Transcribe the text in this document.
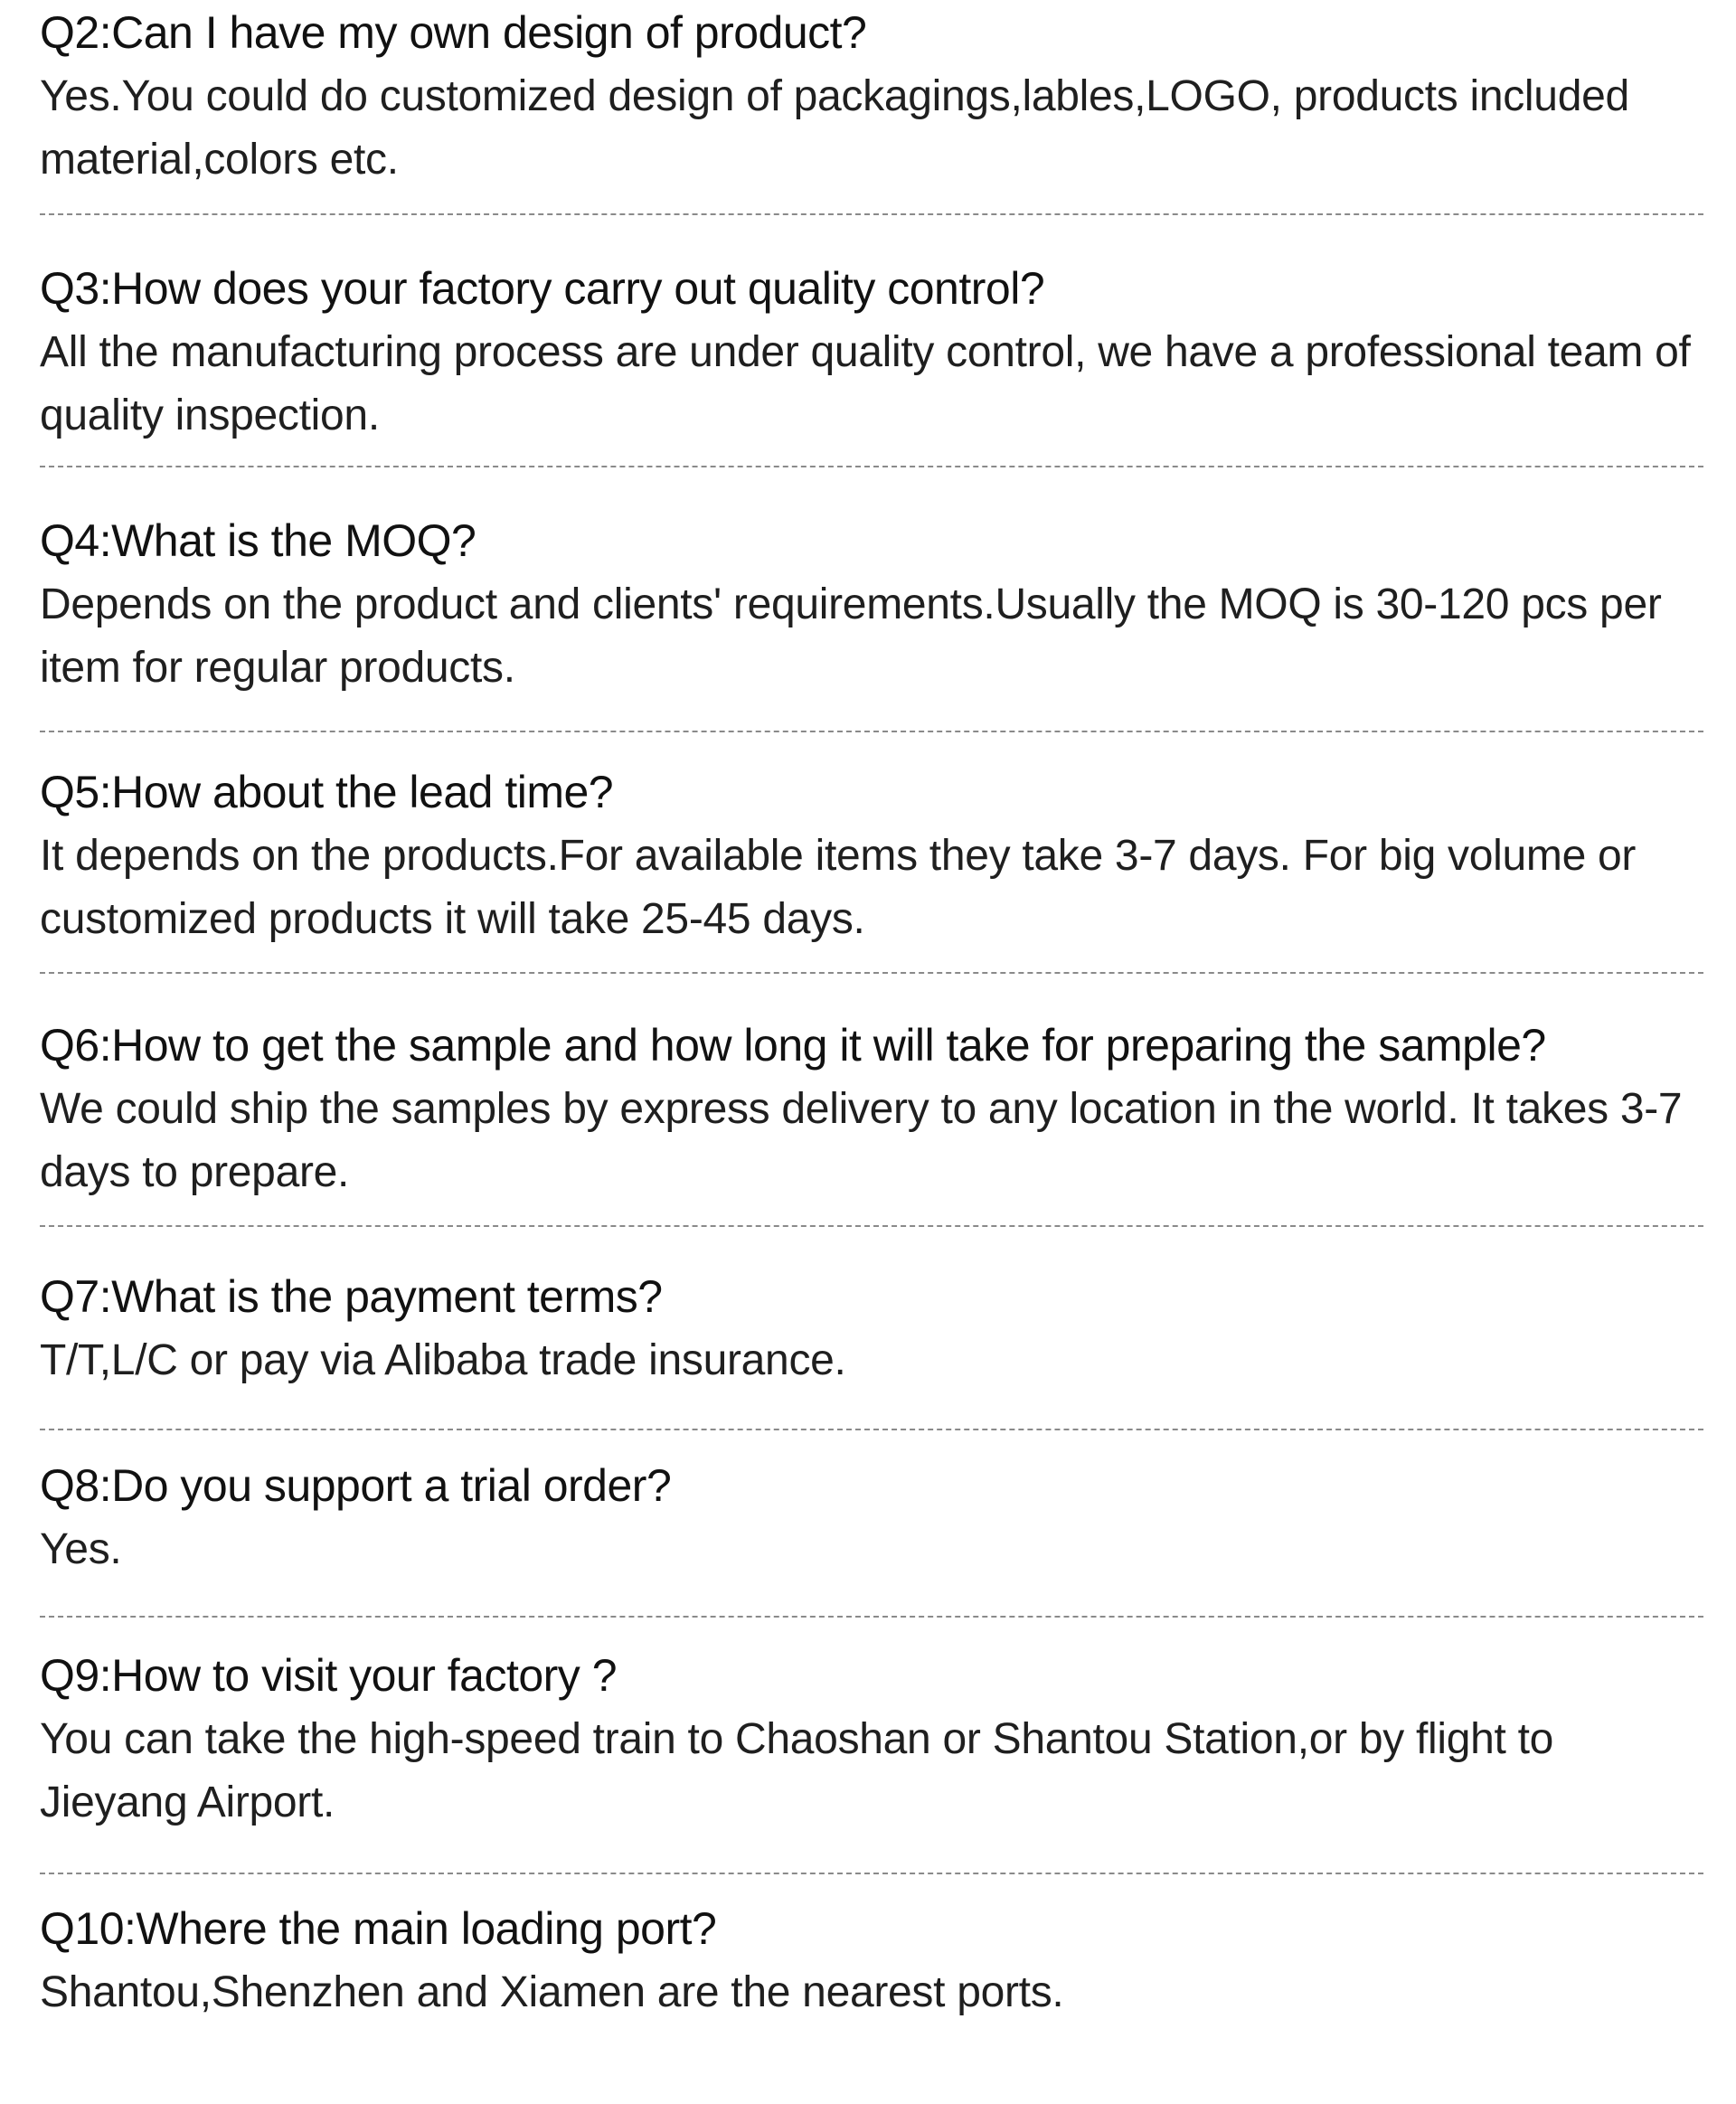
Q2:Can I have my own design of product?
Yes.You could do customized design of packagings,lables,LOGO, products included material,colors etc.
Q3:How does your factory carry out quality control?
All the manufacturing process are under quality control, we have a professional team of quality inspection.
Q4:What is the MOQ?
Depends on the product and clients' requirements.Usually the MOQ is 30-120 pcs per item for regular products.
Q5:How about the lead time?
It depends on the products.For available items they take 3-7 days. For big volume or customized products it will take 25-45 days.
Q6:How to get the sample and how long it will take for preparing the sample?
We could ship the samples by express delivery to any location in the world. It takes 3-7 days to prepare.
Q7:What is the payment terms?
T/T,L/C or pay via Alibaba trade insurance.
Q8:Do you support a trial order?
Yes.
Q9:How to visit your factory ?
You can take the high-speed train to Chaoshan or Shantou Station,or by flight to Jieyang Airport.
Q10:Where the main loading port?
Shantou,Shenzhen and Xiamen are the nearest ports.
